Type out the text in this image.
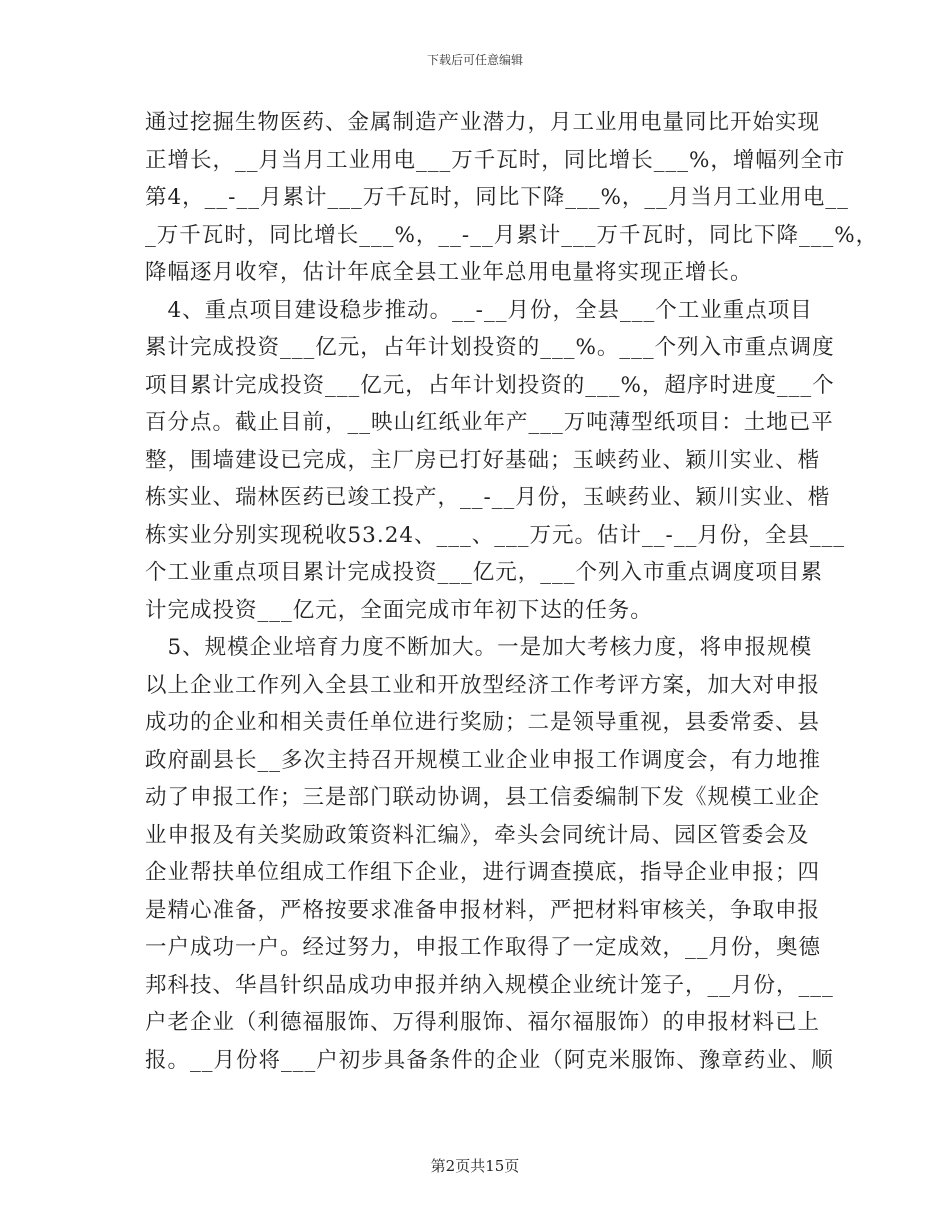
下载后可任意编辑
通过挖掘生物医药、金属制造产业潜力，月工业用电量同比开始实现
正增长，__月当月工业用电___万千瓦时，同比增长___%，增幅列全市
第4，__-__月累计___万千瓦时，同比下降___%，__月当月工业用电__
_万千瓦时，同比增长___%，__-__月累计___万千瓦时，同比下降___%，
降幅逐月收窄，估计年底全县工业年总用电量将实现正增长。
　4、重点项目建设稳步推动。__-__月份，全县___个工业重点项目
累计完成投资___亿元，占年计划投资的___%。___个列入市重点调度
项目累计完成投资___亿元，占年计划投资的___%，超序时进度___个
百分点。截止目前，__映山红纸业年产___万吨薄型纸项目：土地已平
整，围墙建设已完成，主厂房已打好基础；玉峡药业、颖川实业、楷
栋实业、瑞林医药已竣工投产，__-__月份，玉峡药业、颖川实业、楷
栋实业分别实现税收53.24、___、___万元。估计__-__月份，全县___
个工业重点项目累计完成投资___亿元，___个列入市重点调度项目累
计完成投资___亿元，全面完成市年初下达的任务。
　5、规模企业培育力度不断加大。一是加大考核力度，将申报规模
以上企业工作列入全县工业和开放型经济工作考评方案，加大对申报
成功的企业和相关责任单位进行奖励；二是领导重视，县委常委、县
政府副县长__多次主持召开规模工业企业申报工作调度会，有力地推
动了申报工作；三是部门联动协调，县工信委编制下发《规模工业企
业申报及有关奖励政策资料汇编》，牵头会同统计局、园区管委会及
企业帮扶单位组成工作组下企业，进行调查摸底，指导企业申报；四
是精心准备，严格按要求准备申报材料，严把材料审核关，争取申报
一户成功一户。经过努力，申报工作取得了一定成效，__月份，奥德
邦科技、华昌针织品成功申报并纳入规模企业统计笼子，__月份，___
户老企业（利德福服饰、万得利服饰、福尔福服饰）的申报材料已上
报。__月份将___户初步具备条件的企业（阿克米服饰、豫章药业、顺
第2页共15页
